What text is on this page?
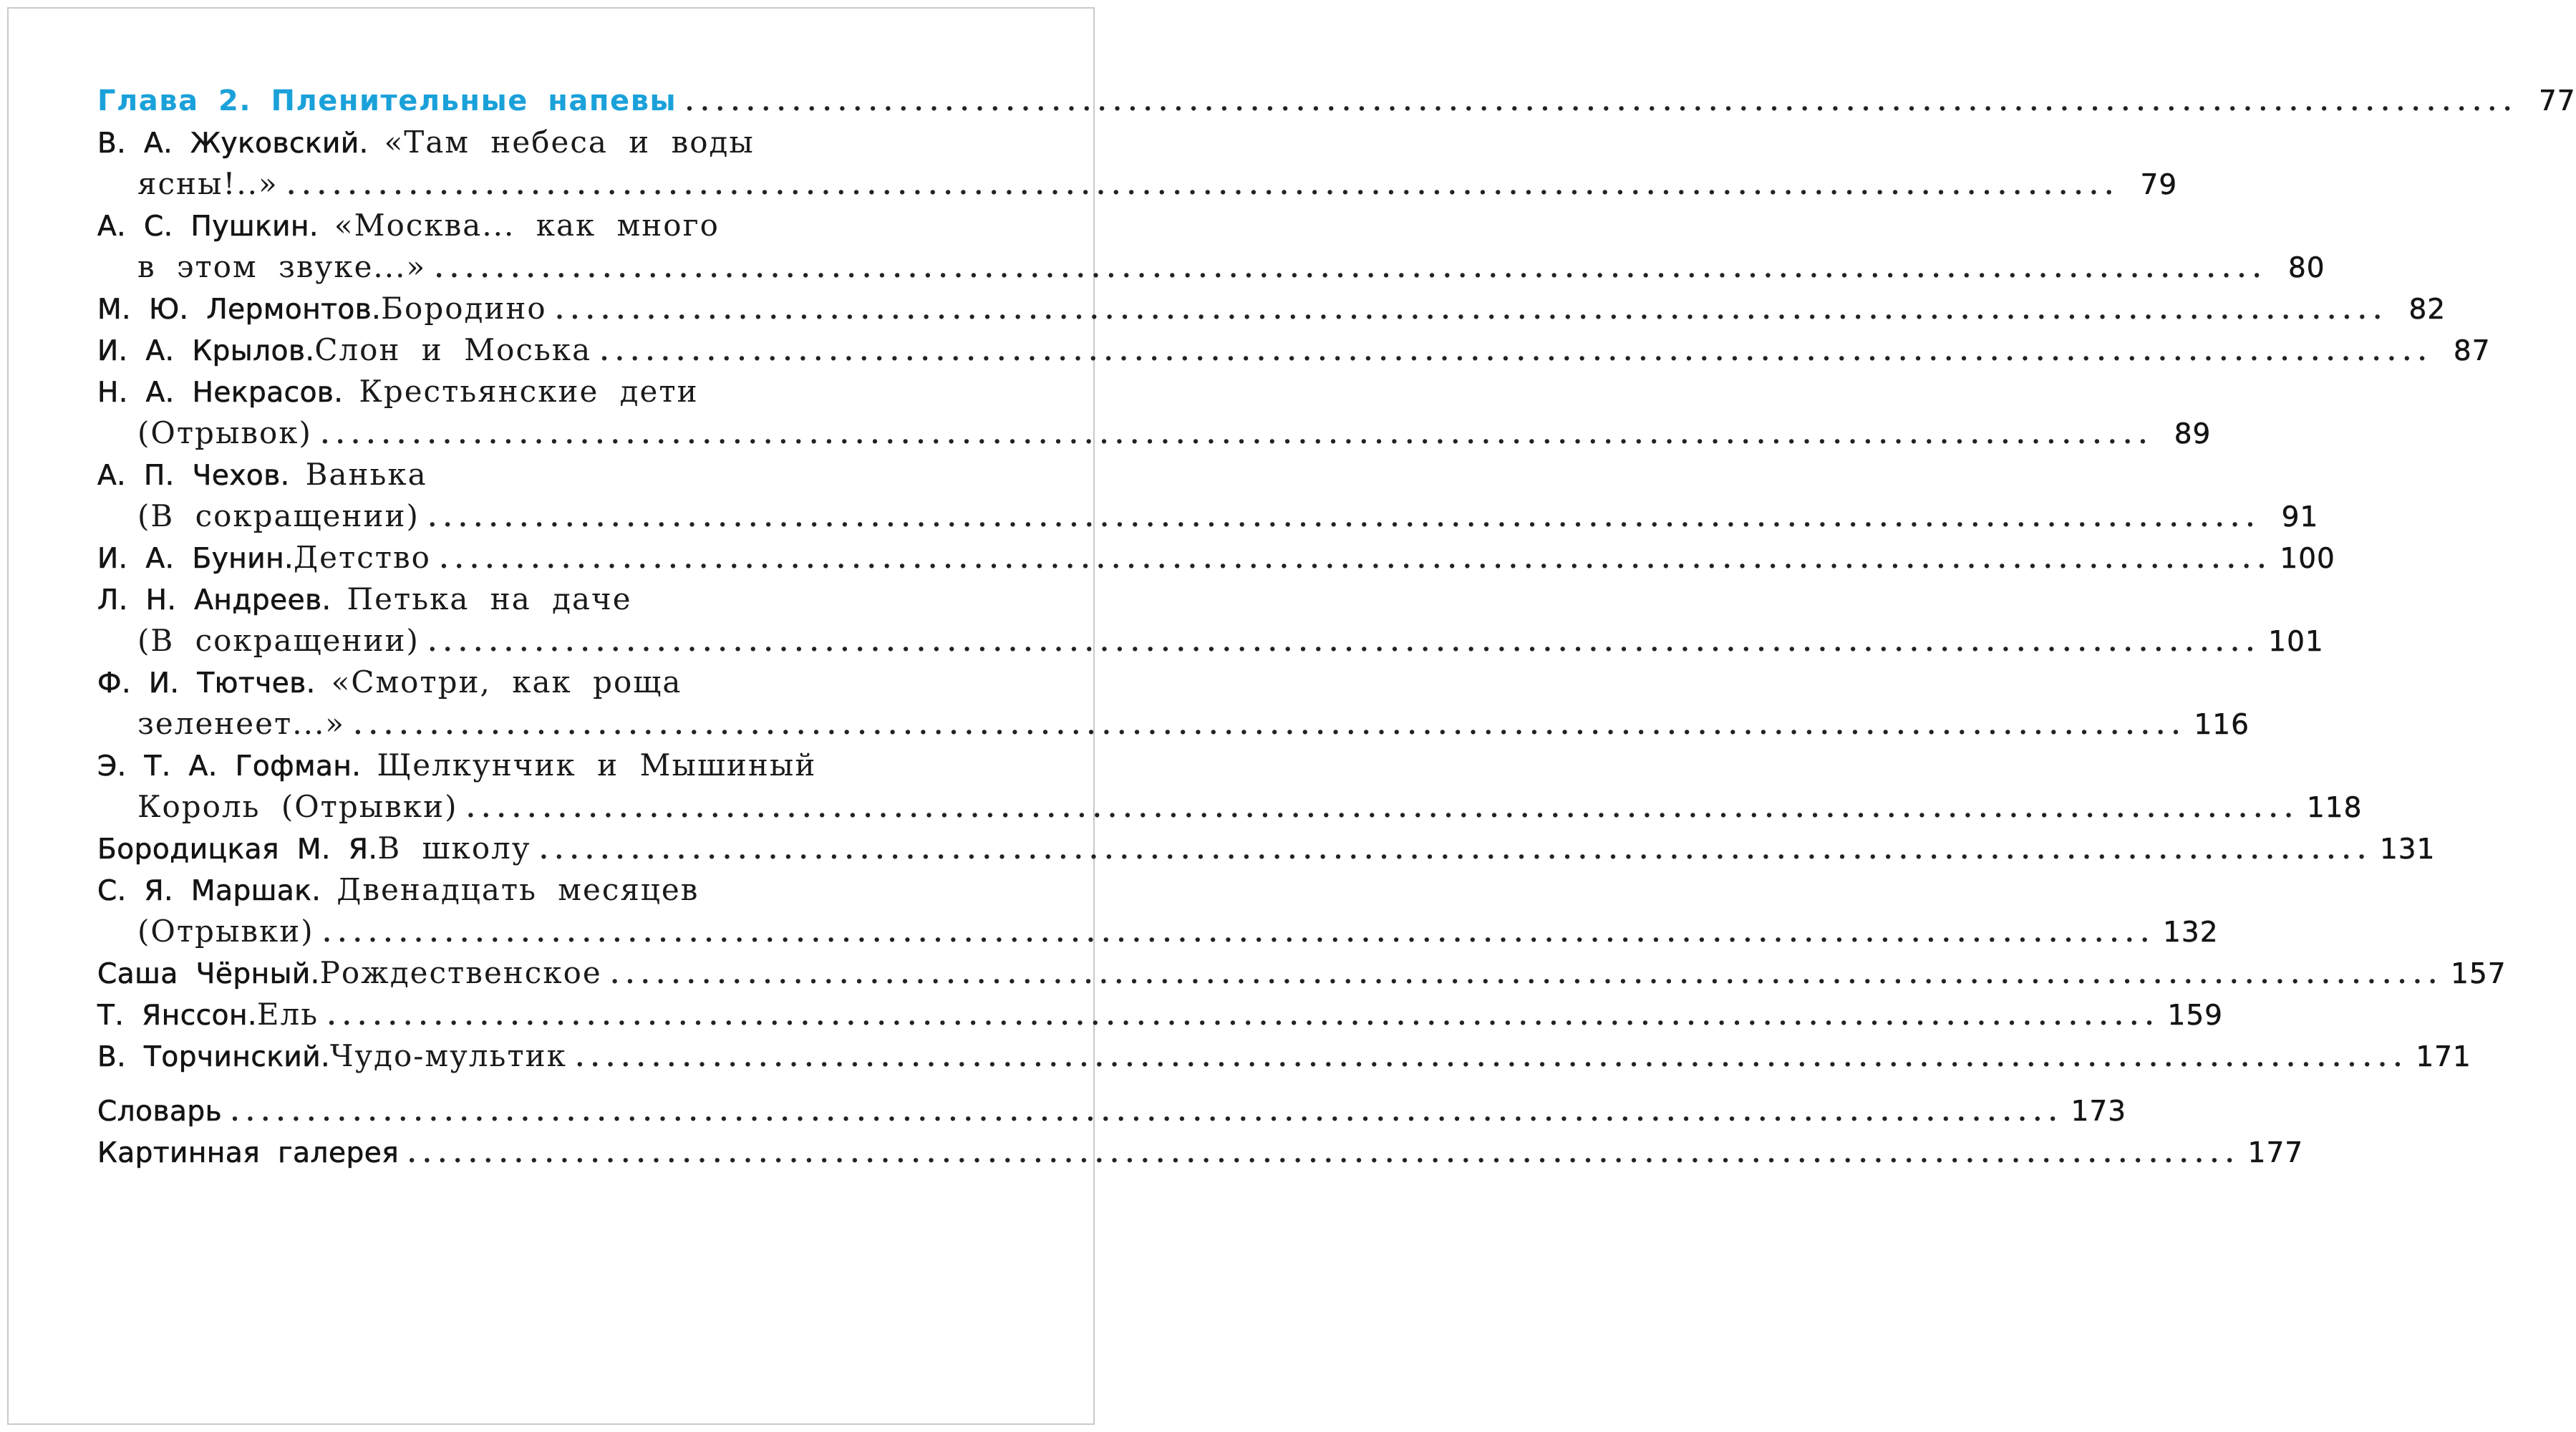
Глава 2. Пленительные напевы ........................................................................................................................ 77
В. А. Жуковский. «Там небеса и воды
ясны!..» ........................................................................................................................ 79
А. С. Пушкин. «Москва... как много
в этом звуке...» ........................................................................................................................ 80
М. Ю. Лермонтов. Бородино ........................................................................................................................ 82
И. А. Крылов. Слон и Моська ........................................................................................................................ 87
Н. А. Некрасов. Крестьянские дети
(Отрывок) ........................................................................................................................ 89
А. П. Чехов. Ванька
(В сокращении) ........................................................................................................................ 91
И. А. Бунин. Детство ........................................................................................................................ 100
Л. Н. Андреев. Петька на даче
(В сокращении) ........................................................................................................................ 101
Ф. И. Тютчев. «Смотри, как роща
зеленеет...» ........................................................................................................................ 116
Э. Т. А. Гофман. Щелкунчик и Мышиный
Король (Отрывки) ........................................................................................................................ 118
Бородицкая М. Я. В школу ........................................................................................................................ 131
С. Я. Маршак. Двенадцать месяцев
(Отрывки) ........................................................................................................................ 132
Саша Чёрный. Рождественское ........................................................................................................................ 157
Т. Янссон. Ель ........................................................................................................................ 159
В. Торчинский. Чудо-мультик ........................................................................................................................ 171
Словарь ........................................................................................................................ 173
Картинная галерея ........................................................................................................................ 177
